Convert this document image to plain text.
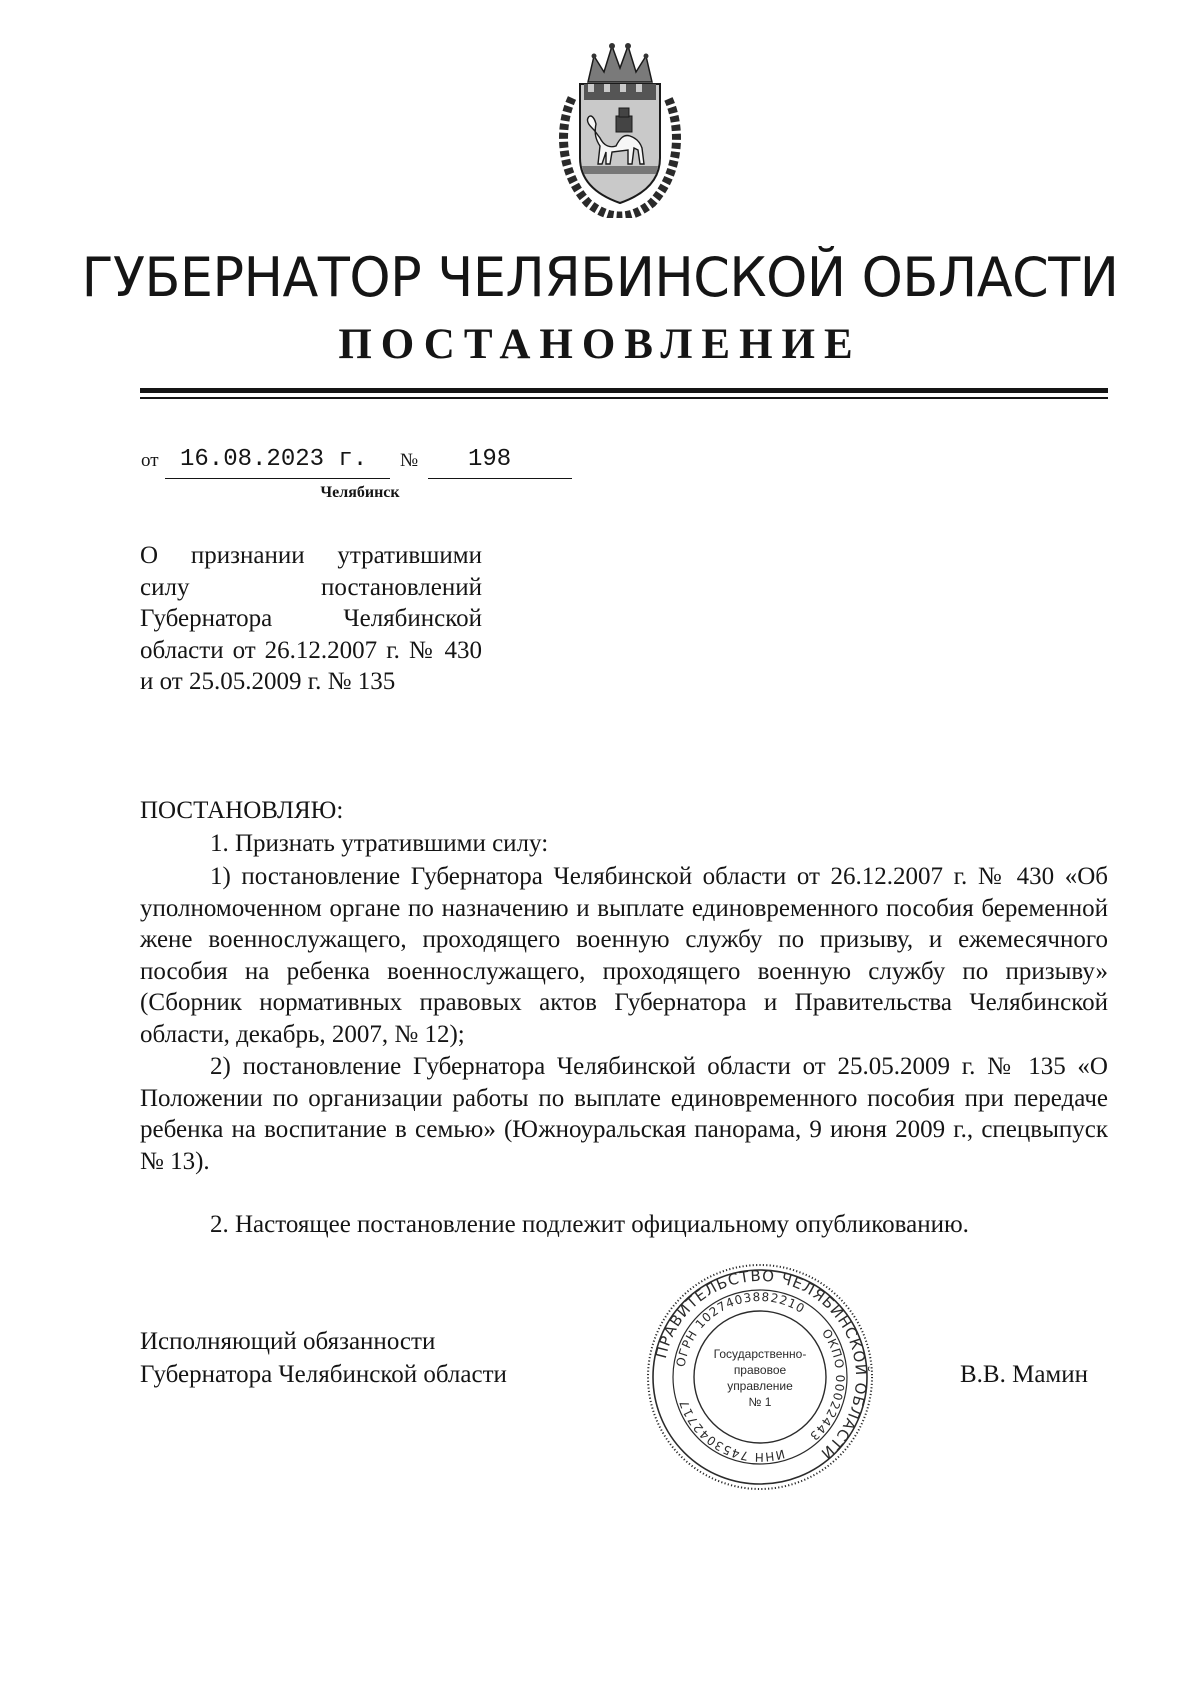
ГУБЕРНАТОР ЧЕЛЯБИНСКОЙ ОБЛАСТИ
ПОСТАНОВЛЕНИЕ
от 16.08.2023 г. № 198
Челябинск
О признании утратившими силу постановлений Губернатора Челябинской области от 26.12.2007 г. № 430 и от 25.05.2009 г. № 135
ПОСТАНОВЛЯЮ:
1. Признать утратившими силу:
1) постановление Губернатора Челябинской области от 26.12.2007 г. № 430 «Об уполномоченном органе по назначению и выплате единовременного пособия беременной жене военнослужащего, проходящего военную службу по призыву, и ежемесячного пособия на ребенка военнослужащего, проходящего военную службу по призыву» (Сборник нормативных правовых актов Губернатора и Правительства Челябинской области, декабрь, 2007, № 12);
2) постановление Губернатора Челябинской области от 25.05.2009 г. № 135 «О Положении по организации работы по выплате единовременного пособия при передаче ребенка на воспитание в семью» (Южноуральская панорама, 9 июня 2009 г., спецвыпуск № 13).
2. Настоящее постановление подлежит официальному опубликованию.
Исполняющий обязанности
Губернатора Челябинской области	В.В. Мамин
ПРАВИТЕЛЬСТВО ЧЕЛЯБИНСКОЙ ОБЛАСТИ
ОГРН 1027403882210
ОКПО 00022443
ИНН 7453042717
Государственно-
правовое
управление
№ 1
